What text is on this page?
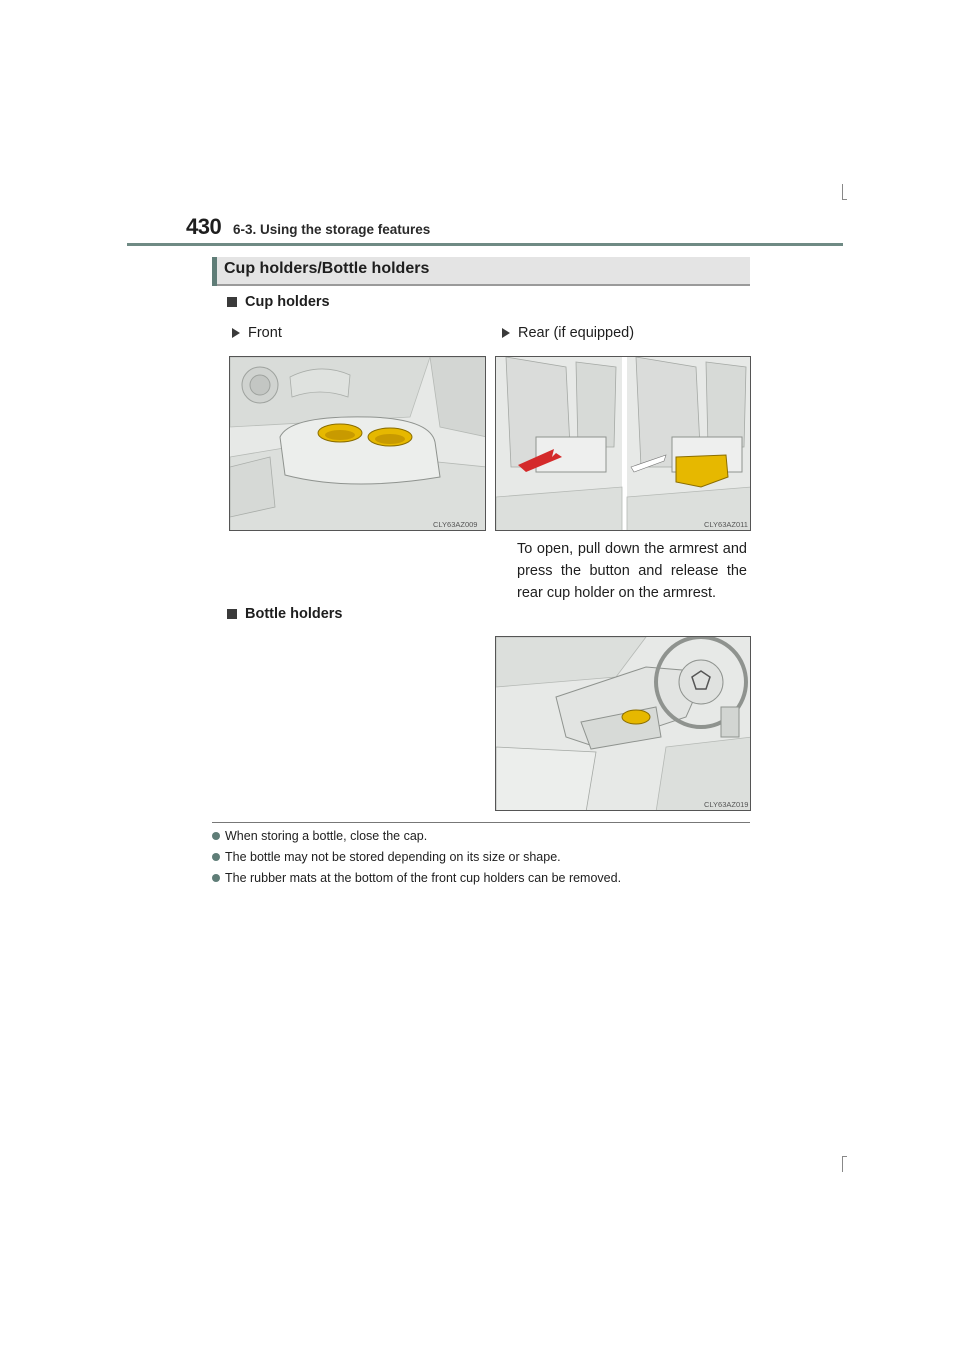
430 6-3. Using the storage features
Cup holders/Bottle holders
Cup holders
Front	Rear (if equipped)
CLY63AZ009	CLY63AZ011
To open, pull down the armrest and press the button and release the rear cup holder on the armrest.
Bottle holders
CLY63AZ019
When storing a bottle, close the cap.
The bottle may not be stored depending on its size or shape.
The rubber mats at the bottom of the front cup holders can be removed.
